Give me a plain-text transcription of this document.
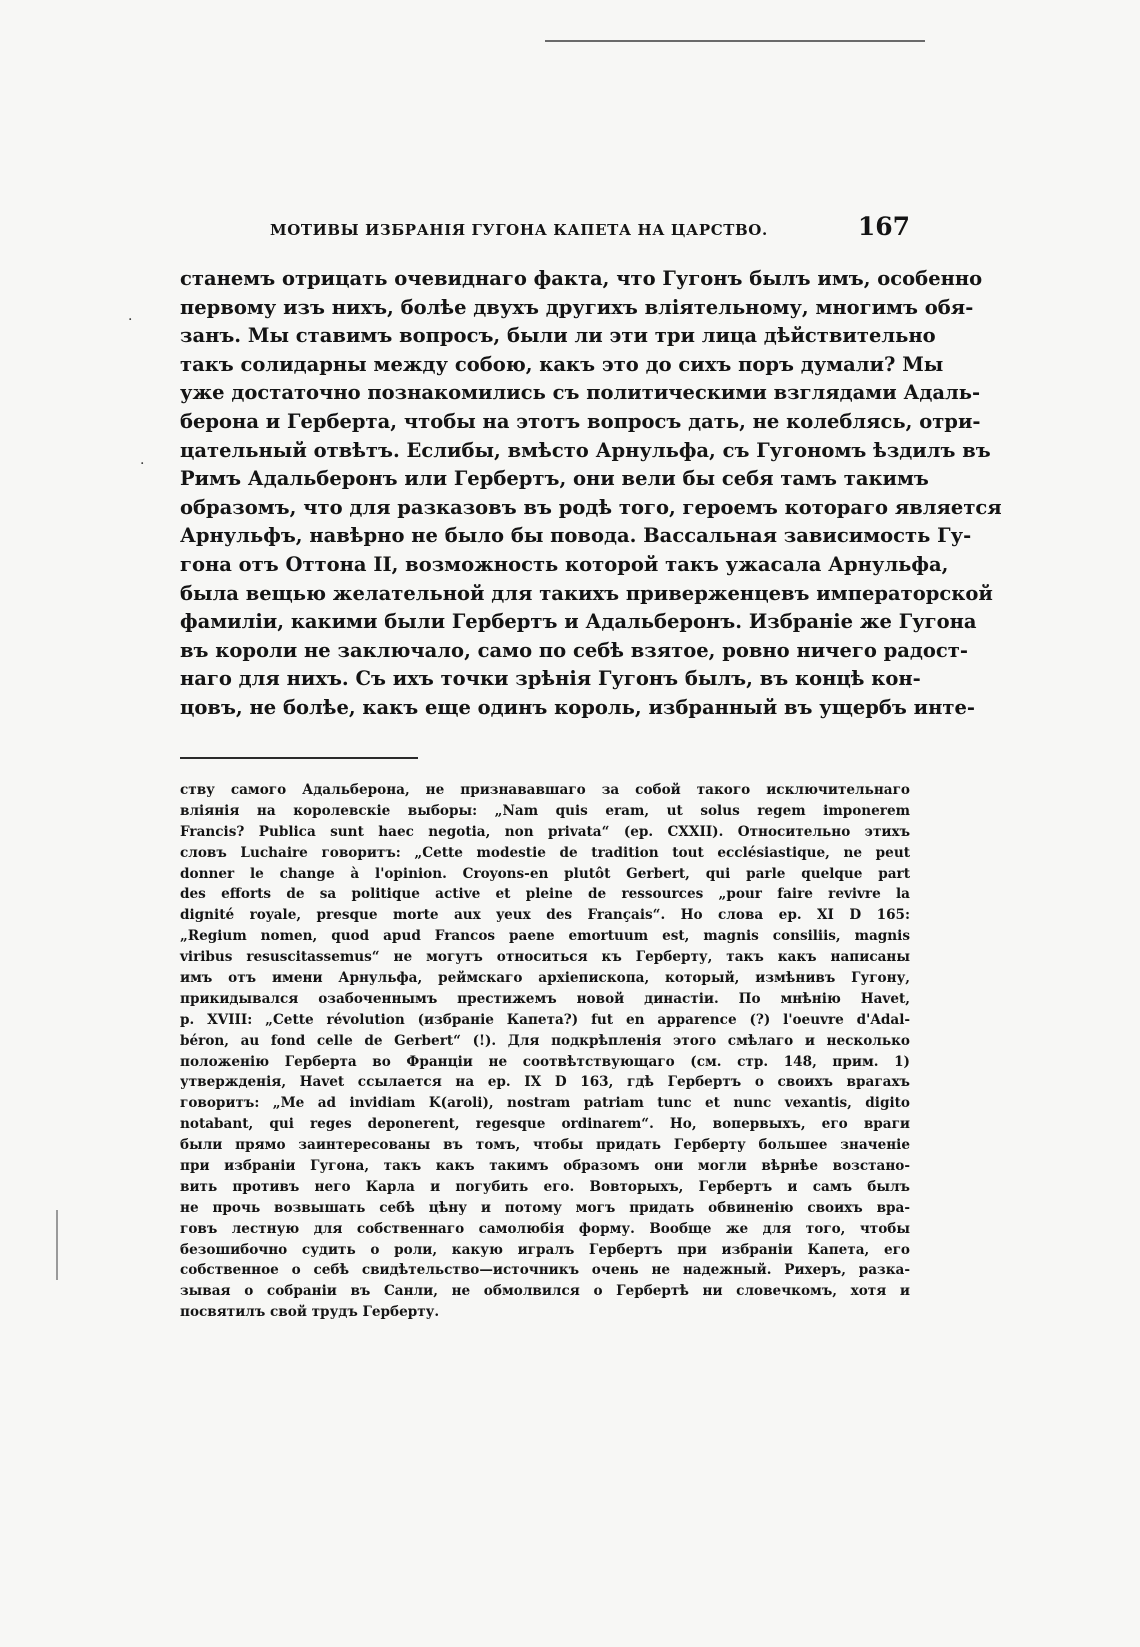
МОТИВЫ ИЗБРАНІЯ ГУГОНА КАПЕТА НА ЦАРСТВО.	167
·
·
станемъ отрицать очевиднаго факта, что Гугонъ былъ имъ, особенно
первому изъ нихъ, болѣе двухъ другихъ вліятельному, многимъ обя-
занъ. Мы ставимъ вопросъ, были ли эти три лица дѣйствительно
такъ солидарны между собою, какъ это до сихъ поръ думали? Мы
уже достаточно познакомились съ политическими взглядами Адаль-
берона и Герберта, чтобы на этотъ вопросъ дать, не колеблясь, отри-
цательный отвѣтъ. Еслибы, вмѣсто Арнульфа, съ Гугономъ ѣздилъ въ
Римъ Адальберонъ или Гербертъ, они вели бы себя тамъ такимъ
образомъ, что для разказовъ въ родѣ того, героемъ котораго является
Арнульфъ, навѣрно не было бы повода. Вассальная зависимость Гу-
гона отъ Оттона II, возможность которой такъ ужасала Арнульфа,
была вещью желательной для такихъ приверженцевъ императорской
фамиліи, какими были Гербертъ и Адальберонъ. Избраніе же Гугона
въ короли не заключало, само по себѣ взятое, ровно ничего радост-
наго для нихъ. Съ ихъ точки зрѣнія Гугонъ былъ, въ концѣ кон-
цовъ, не болѣе, какъ еще одинъ король, избранный въ ущербъ инте-
ству самого Адальберона, не признававшаго за собой такого исключительнаго
вліянія на королевскіе выборы: „Nam quis eram, ut solus regem imponerem
Francis? Publica sunt haec negotia, non privata“ (ep. CXXII). Относительно этихъ
словъ Luchaire говоритъ: „Cette modestie de tradition tout ecclésiastique, ne peut
donner le change à l'opinion. Croyons-en plutôt Gerbert, qui parle quelque part
des efforts de sa politique active et pleine de ressources „pour faire revivre la
dignité royale, presque morte aux yeux des Français“. Но слова ep. XI D 165:
„Regium nomen, quod apud Francos paene emortuum est, magnis consiliis, magnis
viribus resuscitassemus“ не могутъ относиться къ Герберту, такъ какъ написаны
имъ отъ имени Арнульфа, реймскаго архіепископа, который, измѣнивъ Гугону,
прикидывался озабоченнымъ престижемъ новой династіи. По мнѣнію Havet,
p. XVIII: „Cette révolution (избраніе Капета?) fut en apparence (?) l'oeuvre d'Adal-
béron, au fond celle de Gerbert“ (!). Для подкрѣпленія этого смѣлаго и несколько
положенію Герберта во Франціи не соотвѣтствующаго (см. стр. 148, прим. 1)
утвержденія, Havet ссылается на ep. IX D 163, гдѣ Гербертъ о своихъ врагахъ
говоритъ: „Me ad invidiam K(aroli), nostram patriam tunc et nunc vexantis, digito
notabant, qui reges deponerent, regesque ordinarem“. Но, вопервыхъ, его враги
были прямо заинтересованы въ томъ, чтобы придать Герберту большее значеніе
при избраніи Гугона, такъ какъ такимъ образомъ они могли вѣрнѣе возстано-
вить противъ него Карла и погубить его. Вовторыхъ, Гербертъ и самъ былъ
не прочь возвышать себѣ цѣну и потому могъ придать обвиненію своихъ вра-
говъ лестную для собственнаго самолюбія форму. Вообще же для того, чтобы
безошибочно судить о роли, какую игралъ Гербертъ при избраніи Капета, его
собственное о себѣ свидѣтельство—источникъ очень не надежный. Рихеръ, разка-
зывая о собраніи въ Санли, не обмолвился о Гербертѣ ни словечкомъ, хотя и
посвятилъ свой трудъ Герберту.
